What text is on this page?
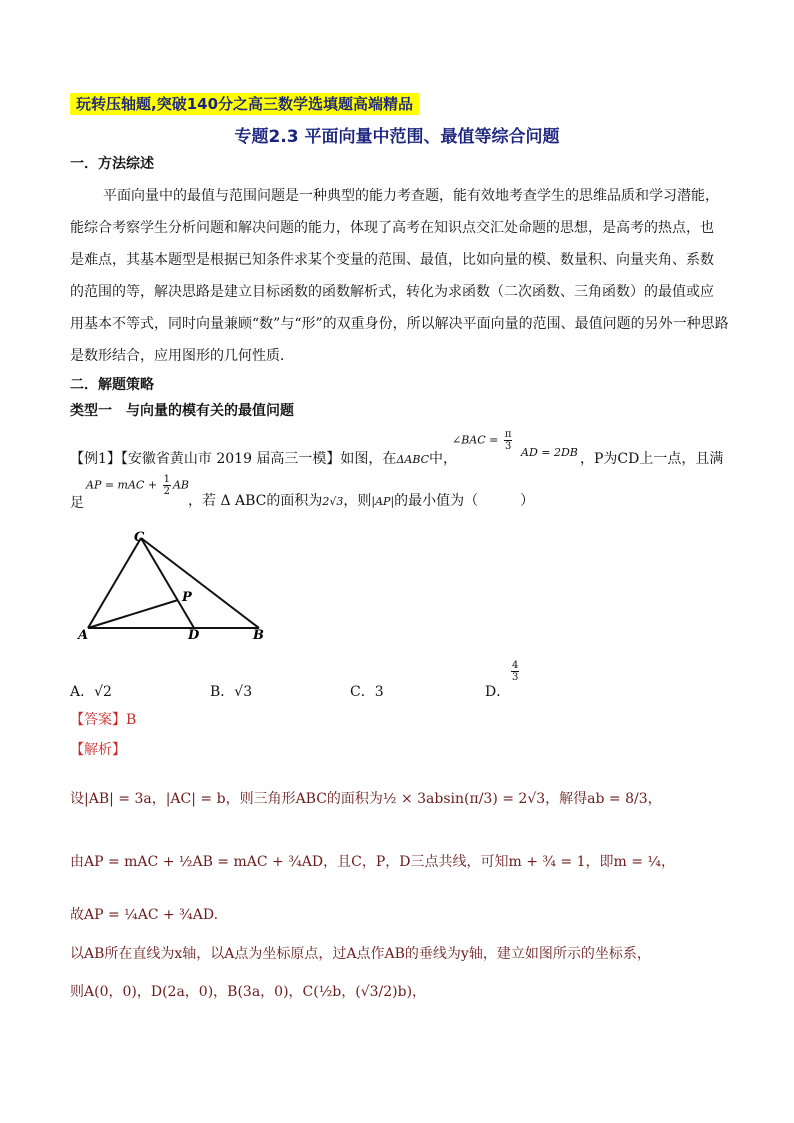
玩转压轴题,突破140分之高三数学选填题高端精品
专题2.3 平面向量中范围、最值等综合问题
一．方法综述
平面向量中的最值与范围问题是一种典型的能力考查题，能有效地考查学生的思维品质和学习潜能，
能综合考察学生分析问题和解决问题的能力，体现了高考在知识点交汇处命题的思想，是高考的热点，也
是难点，其基本题型是根据已知条件求某个变量的范围、最值，比如向量的模、数量积、向量夹角、系数
的范围的等，解决思路是建立目标函数的函数解析式，转化为求函数（二次函数、三角函数）的最值或应
用基本不等式，同时向量兼顾“数”与“形”的双重身份，所以解决平面向量的范围、最值问题的另外一种思路
是数形结合，应用图形的几何性质．
二．解题策略
类型一　与向量的模有关的最值问题
【例1】【安徽省黄山市 2019 届高三一模】如图，在ΔABC中，
∠BAC = $\frac{\pi}{3}$
AD = 2DB ，P为CD上一点，且满
足
AP = mAC + $\frac{1}{2}$ AB
，若 Δ ABC的面积为2√3，则|AP|的最小值为（　　　）
C
P
A	D	B
A．√2	B．√3	C．3	D．
$\frac{4}{3}$
【答案】B
【解析】
设|AB| = 3a，|AC| = b，则三角形ABC的面积为½ × 3absin(π/3) = 2√3，解得ab = 8/3，
由AP = mAC + ½AB = mAC + ¾AD，且C，P，D三点共线，可知m + ¾ = 1，即m = ¼，
故AP = ¼AC + ¾AD.
以AB所在直线为x轴，以A点为坐标原点，过A点作AB的垂线为y轴，建立如图所示的坐标系，
则A(0，0)，D(2a，0)，B(3a，0)，C(½b，(√3/2)b)，
